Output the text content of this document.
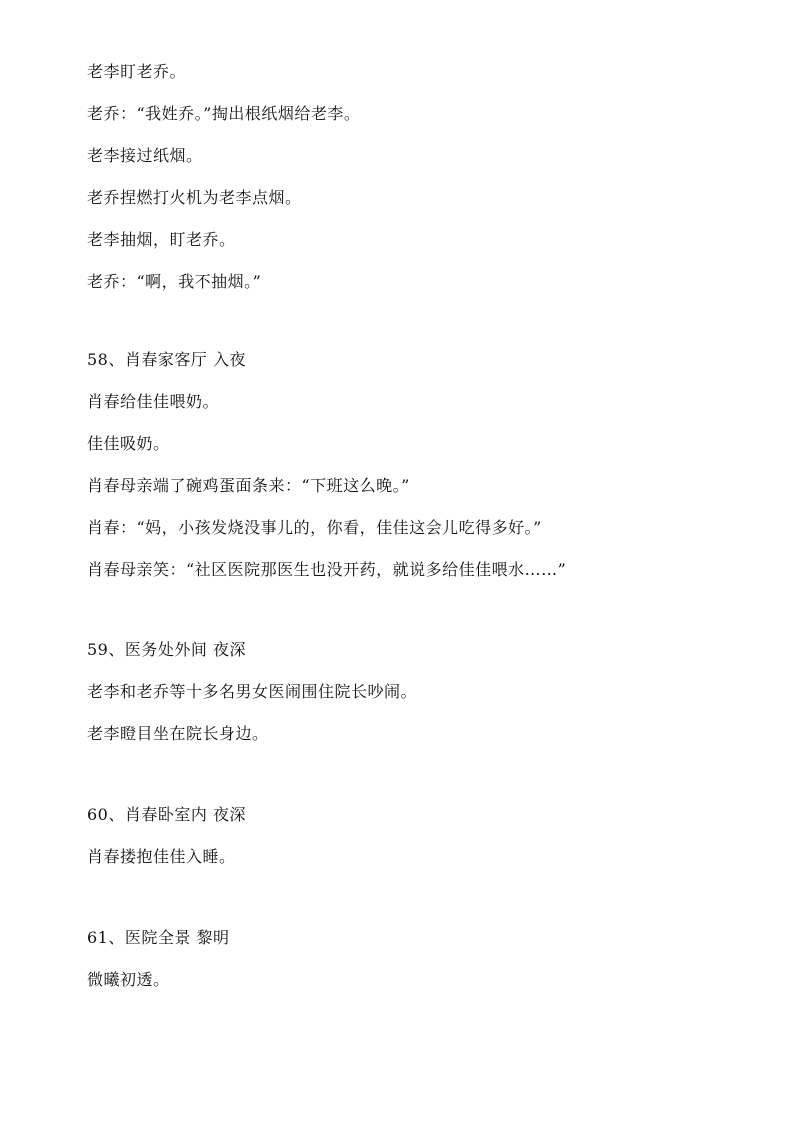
老李盯老乔。
老乔：“我姓乔。”掏出根纸烟给老李。
老李接过纸烟。
老乔捏燃打火机为老李点烟。
老李抽烟，盯老乔。
老乔：“啊，我不抽烟。”
58、肖春家客厅 入夜
肖春给佳佳喂奶。
佳佳吸奶。
肖春母亲端了碗鸡蛋面条来：“下班这么晚。”
肖春：“妈，小孩发烧没事儿的，你看，佳佳这会儿吃得多好。”
肖春母亲笑：“社区医院那医生也没开药，就说多给佳佳喂水……”
59、医务处外间 夜深
老李和老乔等十多名男女医闹围住院长吵闹。
老李瞪目坐在院长身边。
60、肖春卧室内 夜深
肖春搂抱佳佳入睡。
61、医院全景 黎明
微曦初透。
